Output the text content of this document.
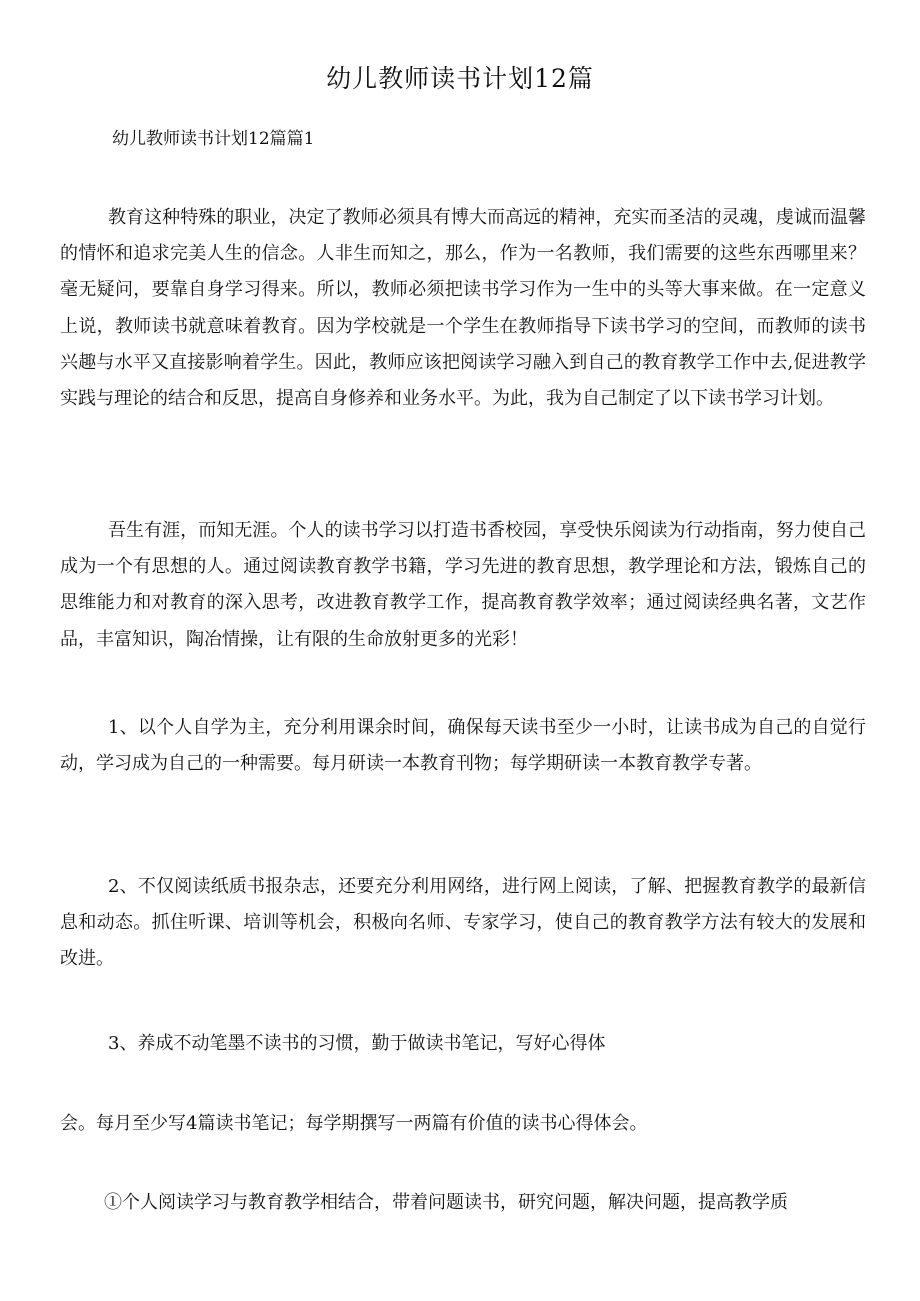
幼儿教师读书计划12篇
幼儿教师读书计划12篇篇1

教育这种特殊的职业，决定了教师必须具有博大而高远的精神，充实而圣洁的灵魂，虔诚而温馨的情怀和追求完美人生的信念。人非生而知之，那么，作为一名教师，我们需要的这些东西哪里来？毫无疑问，要靠自身学习得来。所以，教师必须把读书学习作为一生中的头等大事来做。在一定意义上说，教师读书就意味着教育。因为学校就是一个学生在教师指导下读书学习的空间，而教师的读书兴趣与水平又直接影响着学生。因此，教师应该把阅读学习融入到自己的教育教学工作中去,促进教学实践与理论的结合和反思，提高自身修养和业务水平。为此，我为自己制定了以下读书学习计划。

吾生有涯，而知无涯。个人的读书学习以打造书香校园，享受快乐阅读为行动指南，努力使自己成为一个有思想的人。通过阅读教育教学书籍，学习先进的教育思想，教学理论和方法，锻炼自己的思维能力和对教育的深入思考，改进教育教学工作，提高教育教学效率；通过阅读经典名著，文艺作品，丰富知识，陶冶情操，让有限的生命放射更多的光彩！

1、以个人自学为主，充分利用课余时间，确保每天读书至少一小时，让读书成为自己的自觉行动，学习成为自己的一种需要。每月研读一本教育刊物；每学期研读一本教育教学专著。

2、不仅阅读纸质书报杂志，还要充分利用网络，进行网上阅读，了解、把握教育教学的最新信息和动态。抓住听课、培训等机会，积极向名师、专家学习，使自己的教育教学方法有较大的发展和改进。

3、养成不动笔墨不读书的习惯，勤于做读书笔记，写好心得体

会。每月至少写4篇读书笔记；每学期撰写一两篇有价值的读书心得体会。

①个人阅读学习与教育教学相结合，带着问题读书，研究问题，解决问题，提高教学质
